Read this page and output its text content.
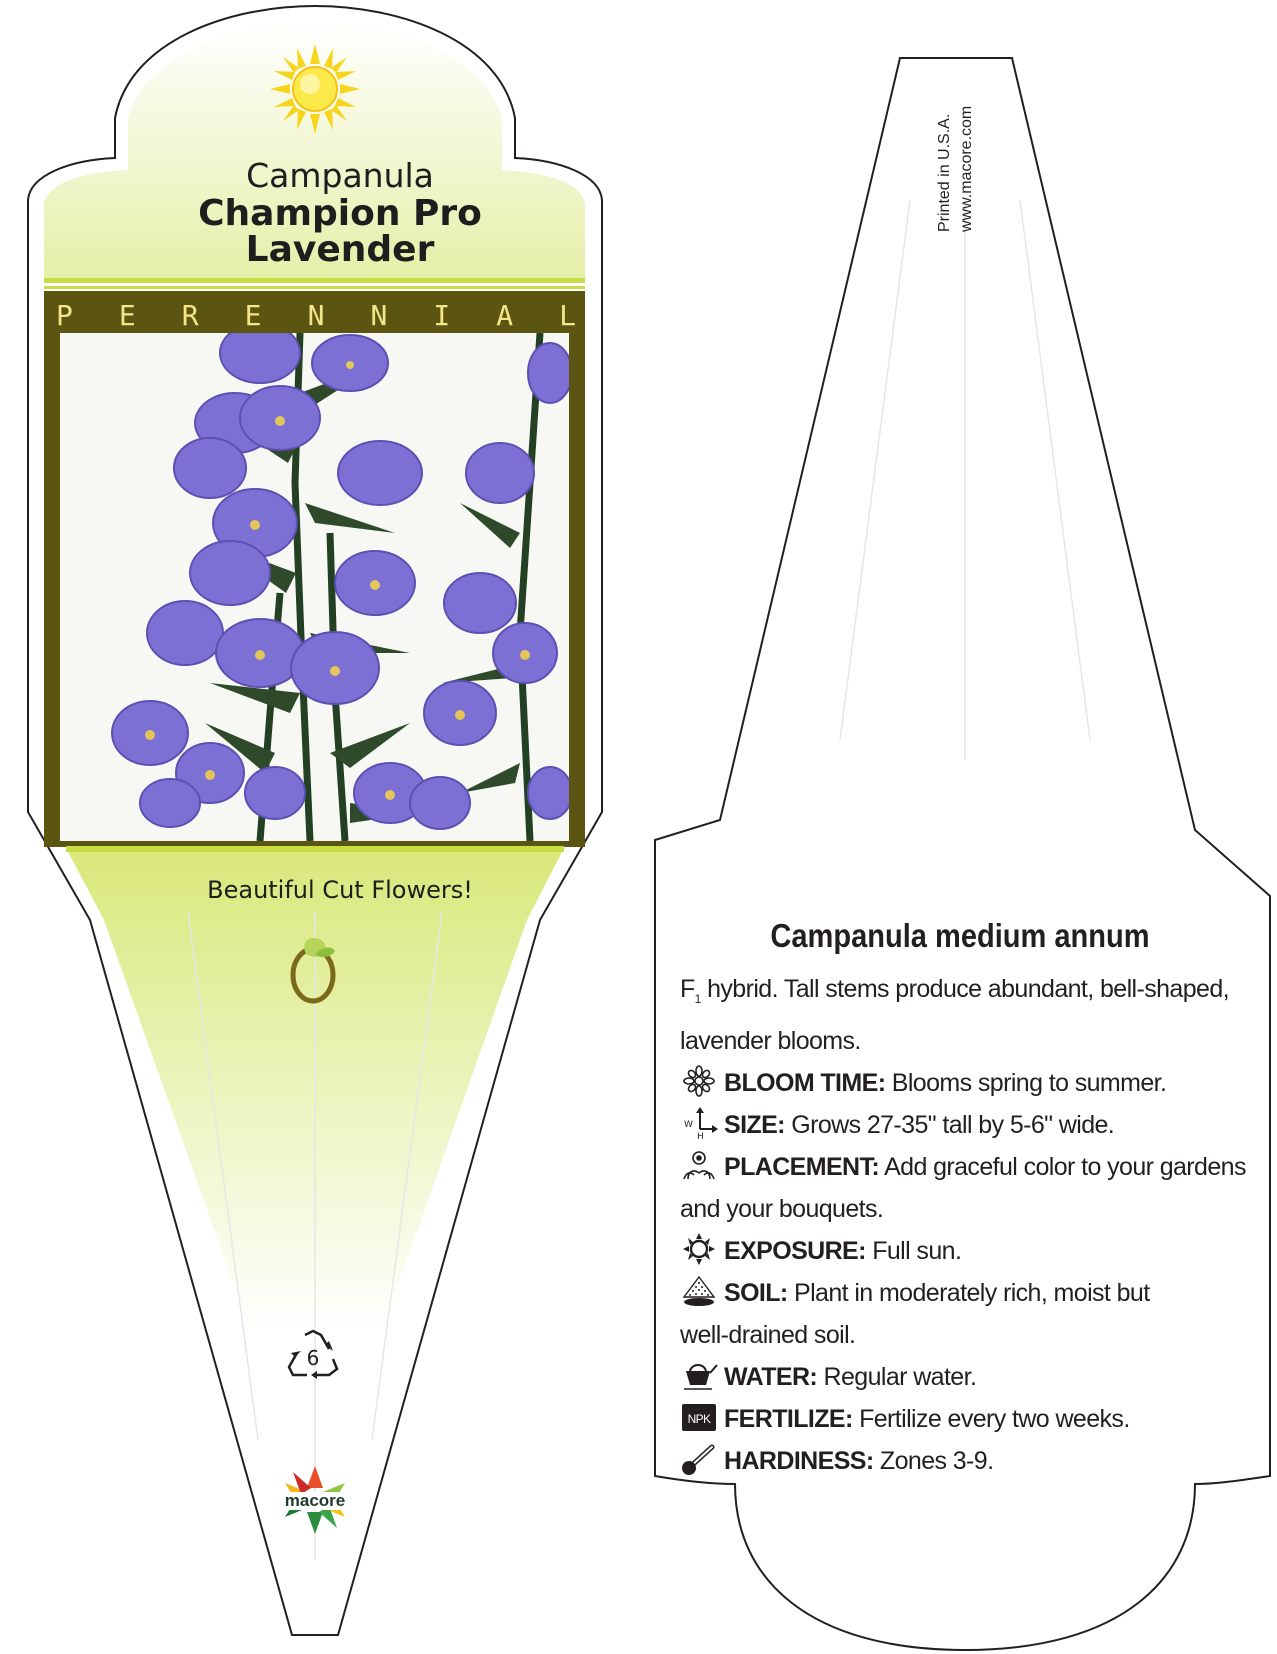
Campanula
Champion Pro
Lavender
P E R E N N I A L
Beautiful Cut Flowers!
6
macore
Printed in U.S.A. www.macore.com
Campanula medium annum
$F_1$ hybrid. Tall stems produce abundant, bell-shaped,
lavender blooms.
BLOOM TIME: Blooms spring to summer.
W
H SIZE: Grows 27-35" tall by 5-6" wide.
PLACEMENT: Add graceful color to your gardens
and your bouquets.
EXPOSURE: Full sun.
SOIL: Plant in moderately rich, moist but
well-drained soil.
WATER: Regular water.
NPK FERTILIZE: Fertilize every two weeks.
HARDINESS: Zones 3-9.
